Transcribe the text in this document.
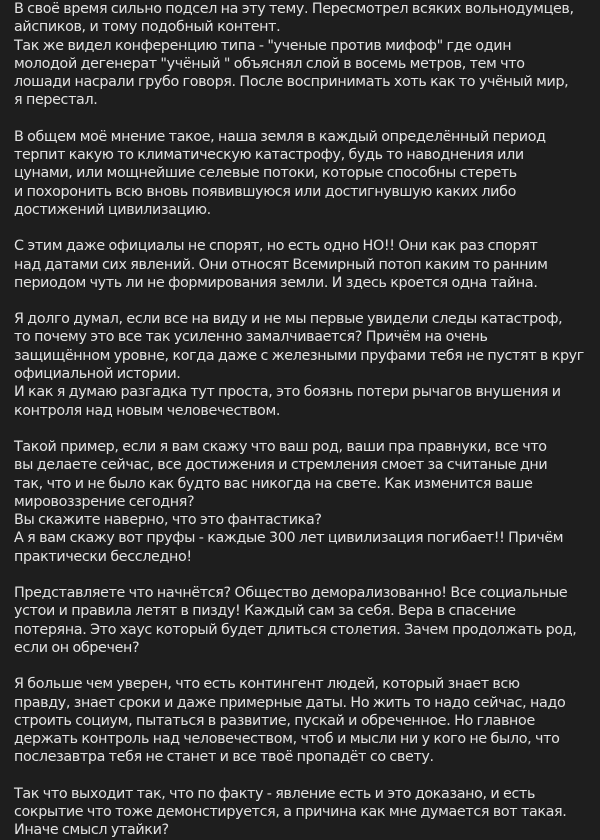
В своё время сильно подсел на эту тему. Пересмотрел всяких вольнодумцев,
айспиков, и тому подобный контент.
Так же видел конференцию типа - "ученые против мифоф" где один
молодой дегенерат "учёный " объяснял слой в восемь метров, тем что
лошади насрали грубо говоря. После воспринимать хоть как то учёный мир,
я перестал.
В общем моё мнение такое, наша земля в каждый определённый период
терпит какую то климатическую катастрофу, будь то наводнения или
цунами, или мощнейшие селевые потоки, которые способны стереть
и похоронить всю вновь появившуюся или достигнувшую каких либо
достижений цивилизацию.
С этим даже официалы не спорят, но есть одно НО!! Они как раз спорят
над датами сих явлений. Они относят Всемирный потоп каким то ранним
периодом чуть ли не формирования земли. И здесь кроется одна тайна.
Я долго думал, если все на виду и не мы первые увидели следы катастроф,
то почему это все так усиленно замалчивается? Причём на очень
защищённом уровне, когда даже с железными пруфами тебя не пустят в круг
официальной истории.
И как я думаю разгадка тут проста, это боязнь потери рычагов внушения и
контроля над новым человечеством.
Такой пример, если я вам скажу что ваш род, ваши пра правнуки, все что
вы делаете сейчас, все достижения и стремления смоет за считаные дни
так, что и не было как будто вас никогда на свете. Как изменится ваше
мировоззрение сегодня?
Вы скажите наверно, что это фантастика?
А я вам скажу вот пруфы - каждые 300 лет цивилизация погибает!! Причём
практически бесследно!
Представляете что начнётся? Общество деморализованно! Все социальные
устои и правила летят в пизду! Каждый сам за себя. Вера в спасение
потеряна. Это хаус который будет длиться столетия. Зачем продолжать род,
если он обречен?
Я больше чем уверен, что есть контингент людей, который знает всю
правду, знает сроки и даже примерные даты. Но жить то надо сейчас, надо
строить социум, пытаться в развитие, пускай и обреченное. Но главное
держать контроль над человечеством, чтоб и мысли ни у кого не было, что
послезавтра тебя не станет и все твоё пропадёт со свету.
Так что выходит так, что по факту - явление есть и это доказано, и есть
сокрытие что тоже демонстируется, а причина как мне думается вот такая.
Иначе смысл утайки?
